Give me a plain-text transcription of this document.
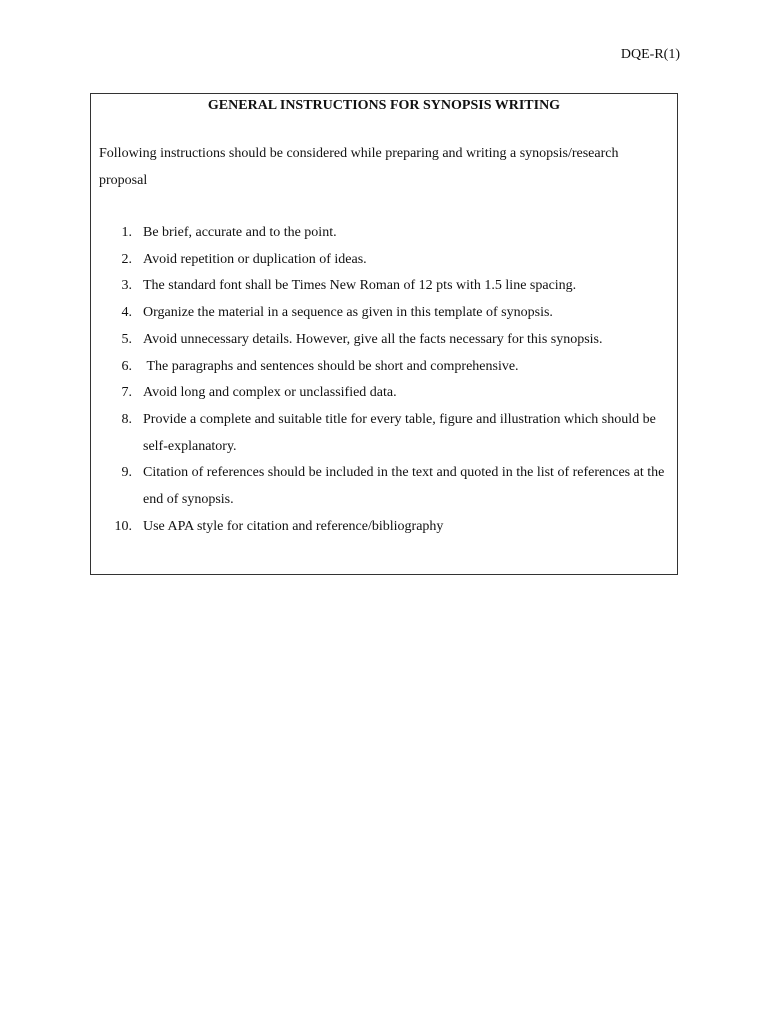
DQE-R(1)
GENERAL INSTRUCTIONS FOR SYNOPSIS WRITING

Following instructions should be considered while preparing and writing a synopsis/research proposal

1. Be brief, accurate and to the point.
2. Avoid repetition or duplication of ideas.
3. The standard font shall be Times New Roman of 12 pts with 1.5 line spacing.
4. Organize the material in a sequence as given in this template of synopsis.
5. Avoid unnecessary details. However, give all the facts necessary for this synopsis.
6. The paragraphs and sentences should be short and comprehensive.
7. Avoid long and complex or unclassified data.
8. Provide a complete and suitable title for every table, figure and illustration which should be self-explanatory.
9. Citation of references should be included in the text and quoted in the list of references at the end of synopsis.
10. Use APA style for citation and reference/bibliography
